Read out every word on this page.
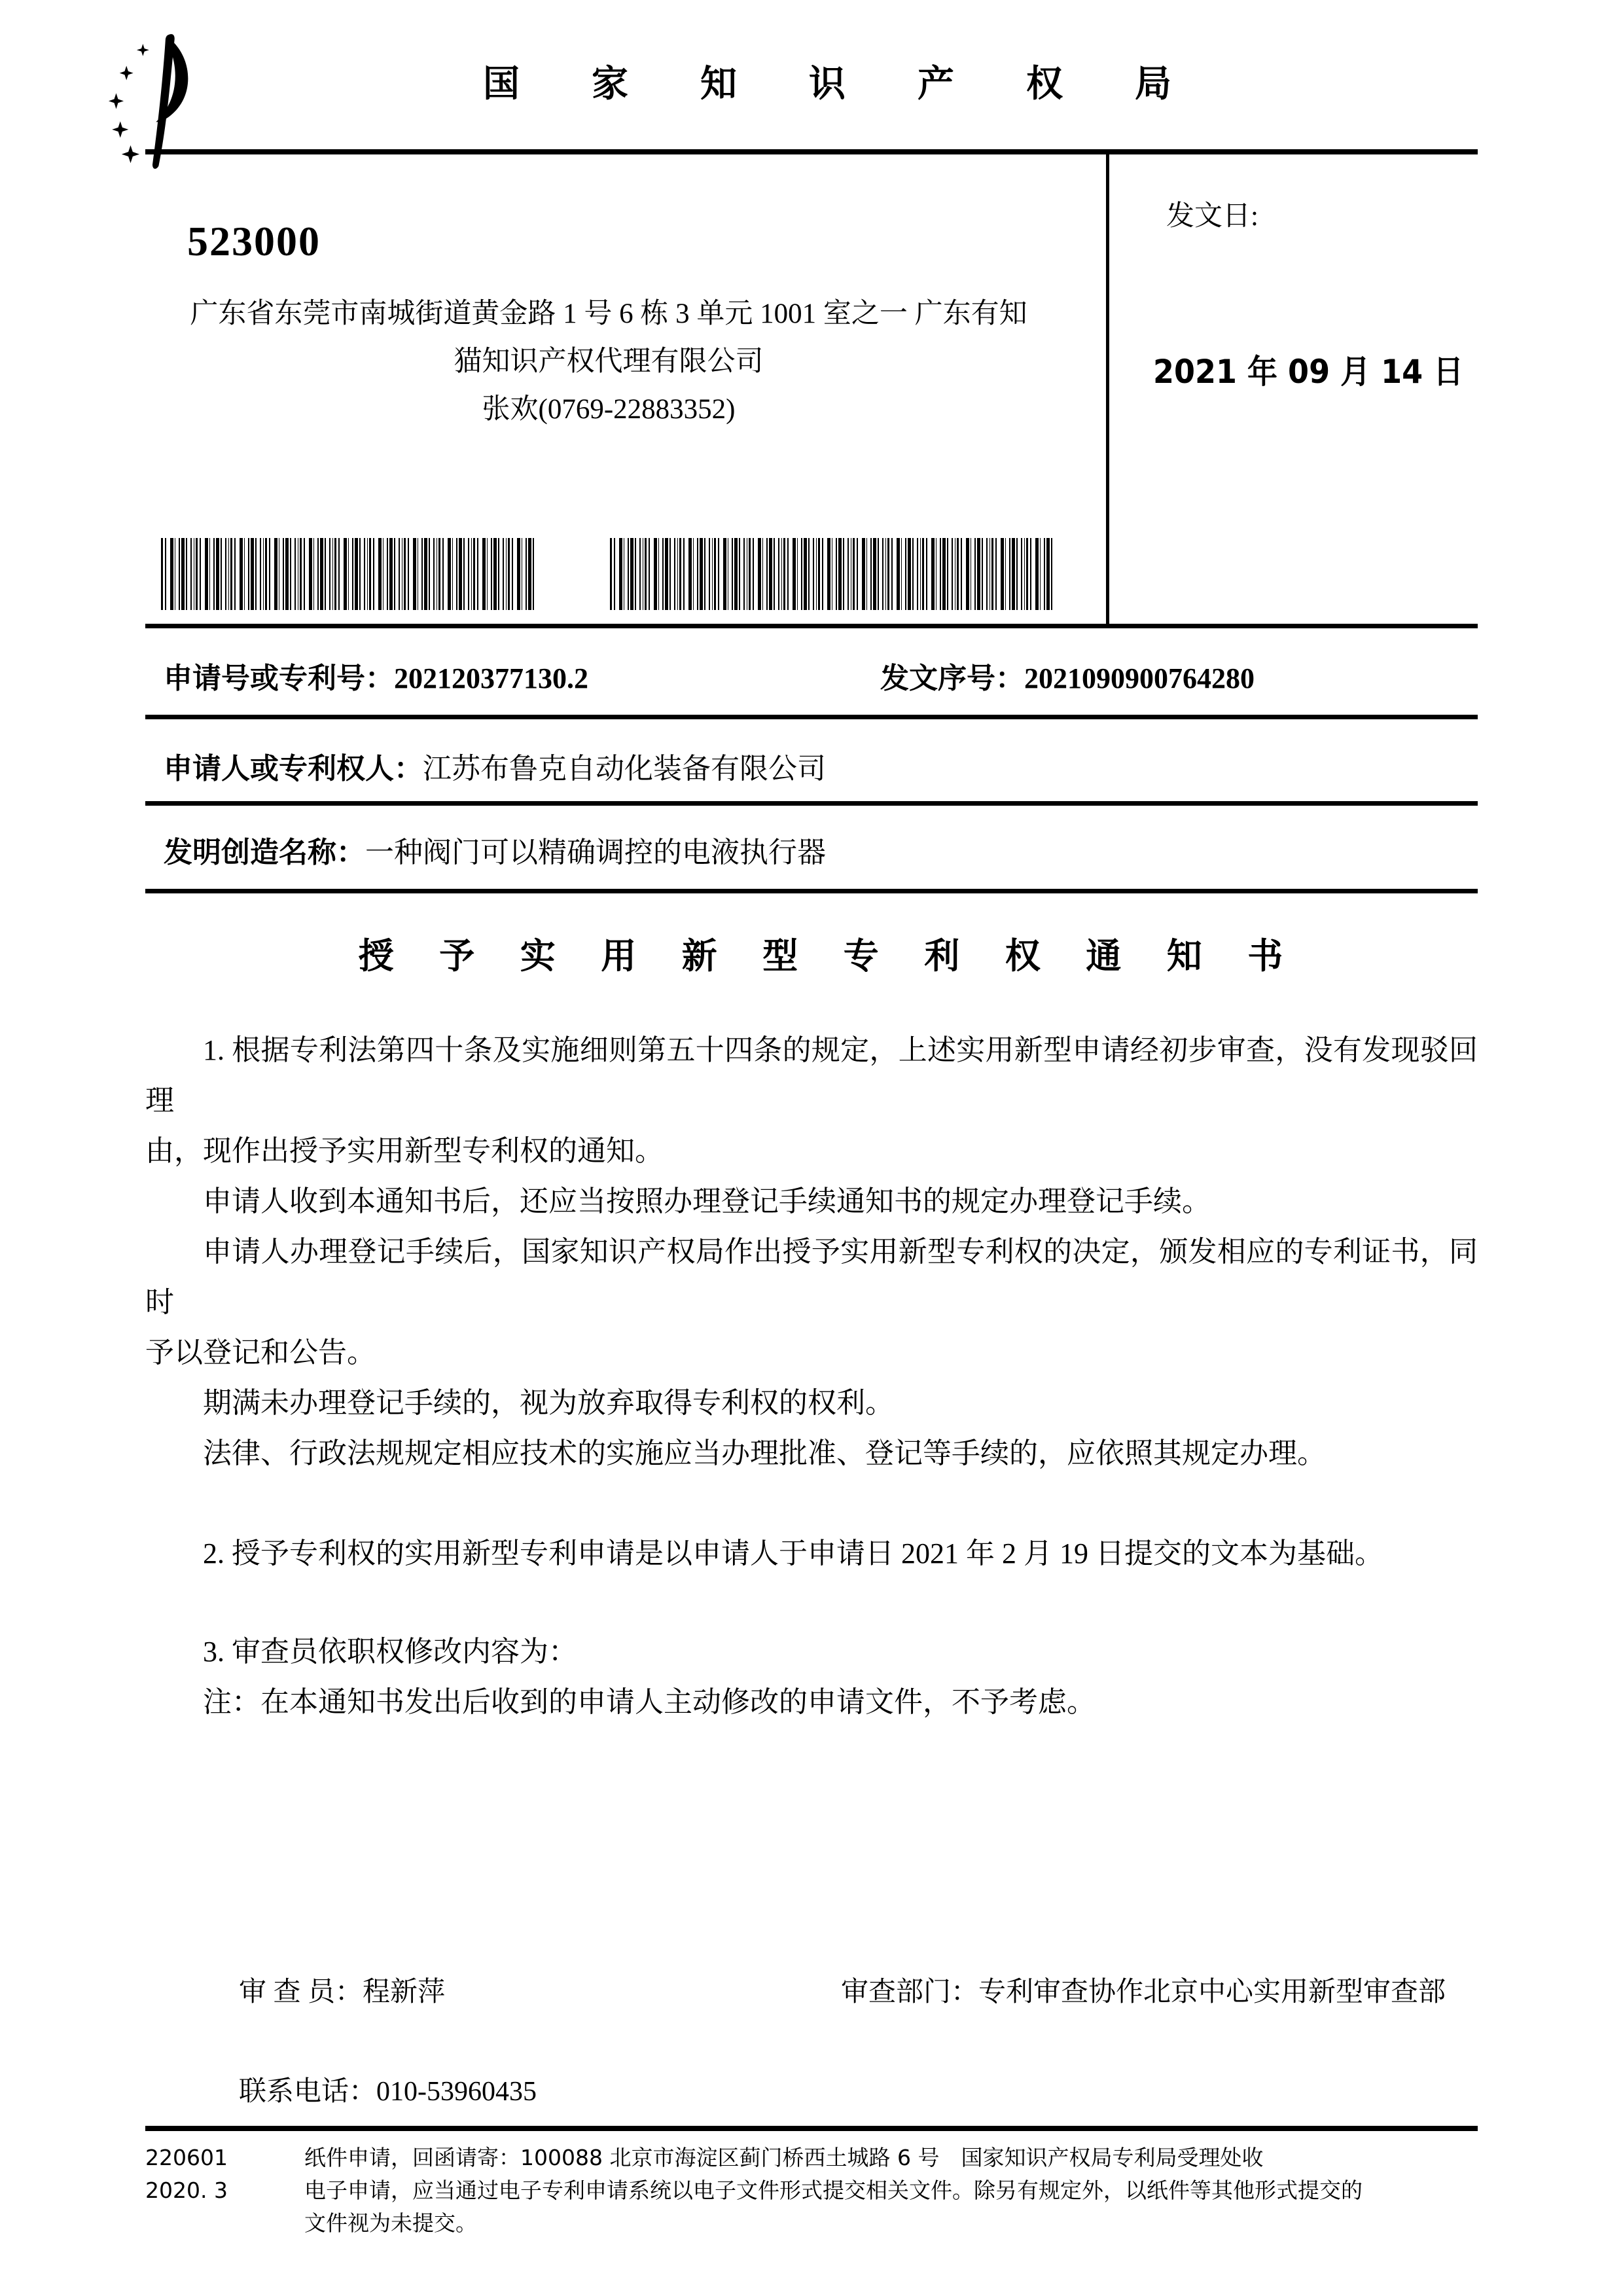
国 家 知 识 产 权 局
523000
广东省东莞市南城街道黄金路 1 号 6 栋 3 单元 1001 室之一 广东有知
猫知识产权代理有限公司
张欢(0769-22883352)
发文日:
2021 年 09 月 14 日
申请号或专利号：202120377130.2	发文序号：2021090900764280
申请人或专利权人：江苏布鲁克自动化装备有限公司
发明创造名称：一种阀门可以精确调控的电液执行器
授 予 实 用 新 型 专 利 权 通 知 书
1. 根据专利法第四十条及实施细则第五十四条的规定，上述实用新型申请经初步审查，没有发现驳回理
由，现作出授予实用新型专利权的通知。
申请人收到本通知书后，还应当按照办理登记手续通知书的规定办理登记手续。
申请人办理登记手续后，国家知识产权局作出授予实用新型专利权的决定，颁发相应的专利证书，同时
予以登记和公告。
期满未办理登记手续的，视为放弃取得专利权的权利。
法律、行政法规规定相应技术的实施应当办理批准、登记等手续的，应依照其规定办理。
2. 授予专利权的实用新型专利申请是以申请人于申请日 2021 年 2 月 19 日提交的文本为基础。
3. 审查员依职权修改内容为：
注：在本通知书发出后收到的申请人主动修改的申请文件，不予考虑。
审 查 员：程新萍	审查部门：专利审查协作北京中心实用新型审查部
联系电话：010-53960435
220601
2020. 3
纸件申请，回函请寄：100088 北京市海淀区蓟门桥西土城路 6 号　国家知识产权局专利局受理处收
电子申请，应当通过电子专利申请系统以电子文件形式提交相关文件。除另有规定外，以纸件等其他形式提交的
文件视为未提交。
